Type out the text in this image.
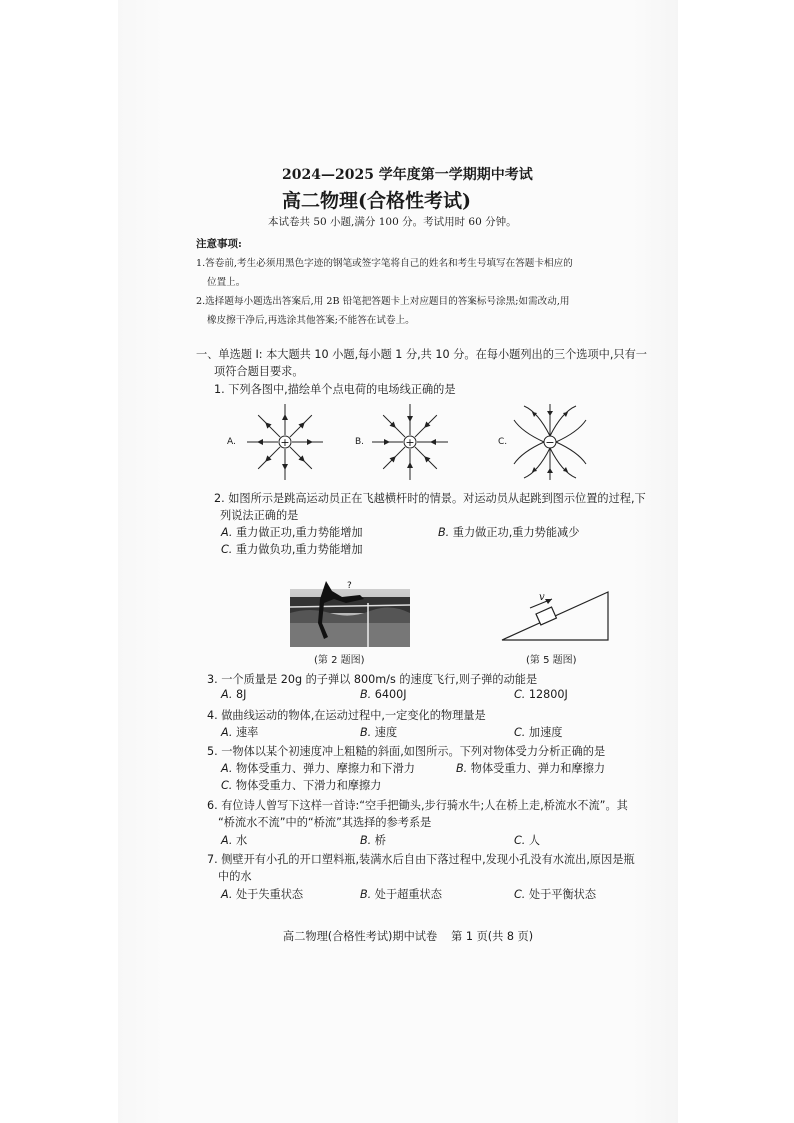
2024—2025 学年度第一学期期中考试
高二物理(合格性考试)
本试卷共 50 小题,满分 100 分。考试用时 60 分钟。
注意事项:
1.答卷前,考生必须用黑色字迹的钢笔或签字笔将自己的姓名和考生号填写在答题卡相应的
位置上。
2.选择题每小题选出答案后,用 2B 铅笔把答题卡上对应题目的答案标号涂黑;如需改动,用
橡皮擦干净后,再选涂其他答案;不能答在试卷上。
一、单选题 I: 本大题共 10 小题,每小题 1 分,共 10 分。在每小题列出的三个选项中,只有一
项符合题目要求。
1. 下列各图中,描绘单个点电荷的电场线正确的是
A.	B.	C.
+	+	−
2. 如图所示是跳高运动员正在飞越横杆时的情景。对运动员从起跳到图示位置的过程,下
列说法正确的是
A. 重力做正功,重力势能增加	B. 重力做正功,重力势能减少
C. 重力做负功,重力势能增加
?
(第 2 题图)
v
(第 5 题图)
3. 一个质量是 20g 的子弹以 800m/s 的速度飞行,则子弹的动能是
A. 8J	B. 6400J	C. 12800J
4. 做曲线运动的物体,在运动过程中,一定变化的物理量是
A. 速率	B. 速度	C. 加速度
5. 一物体以某个初速度冲上粗糙的斜面,如图所示。下列对物体受力分析正确的是
A. 物体受重力、弹力、摩擦力和下滑力	B. 物体受重力、弹力和摩擦力
C. 物体受重力、下滑力和摩擦力
6. 有位诗人曾写下这样一首诗:“空手把锄头,步行骑水牛;人在桥上走,桥流水不流”。其
“桥流水不流”中的“桥流”其选择的参考系是
A. 水	B. 桥	C. 人
7. 侧壁开有小孔的开口塑料瓶,装满水后自由下落过程中,发现小孔没有水流出,原因是瓶
中的水
A. 处于失重状态	B. 处于超重状态	C. 处于平衡状态
高二物理(合格性考试)期中试卷 第 1 页(共 8 页)
